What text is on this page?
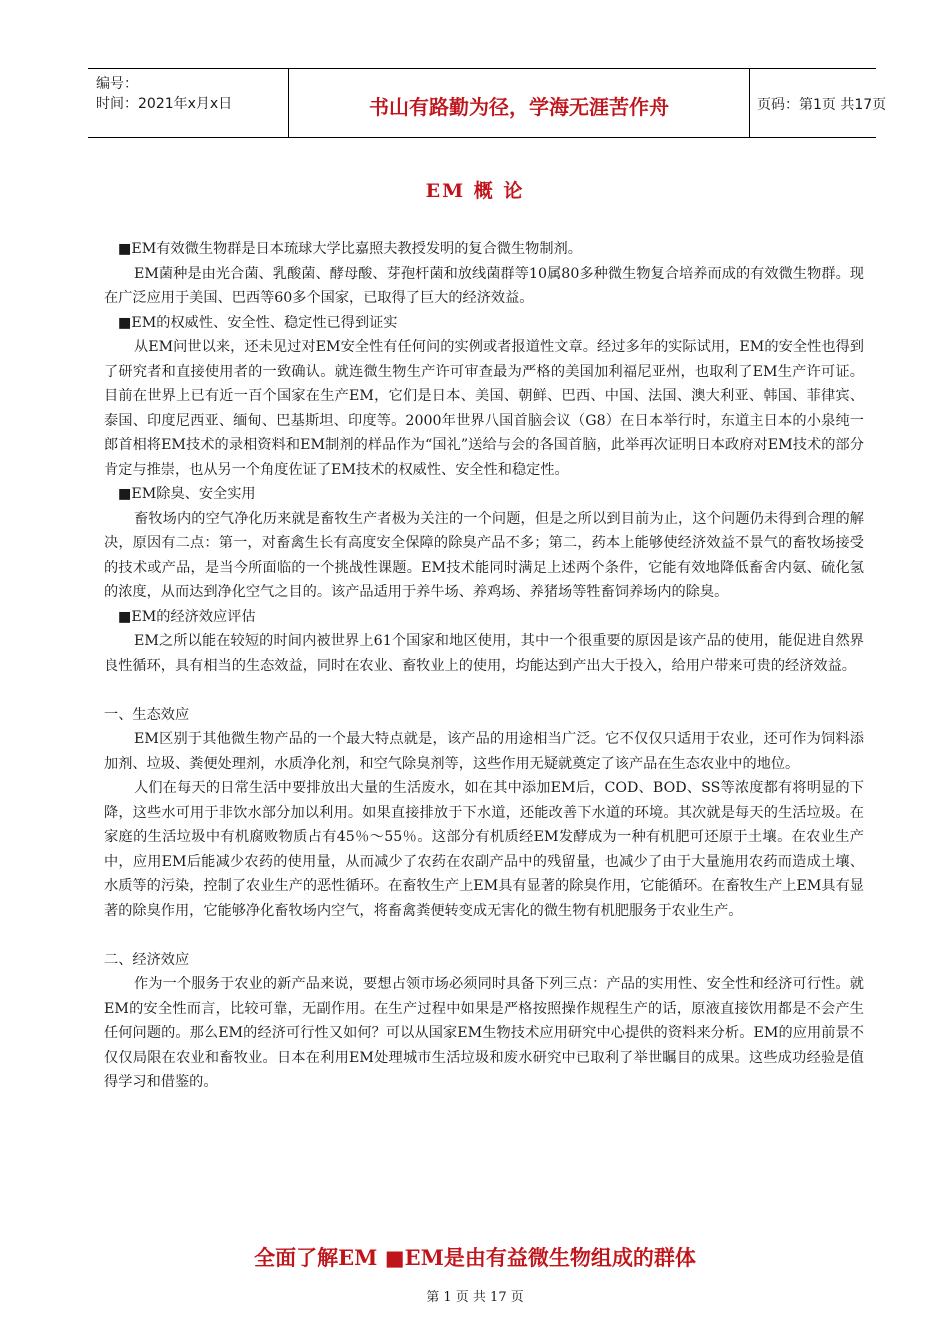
编号：
时间：2021年x月x日	书山有路勤为径，学海无涯苦作舟	页码：第1页 共17页
EM 概 论

■EM有效微生物群是日本琉球大学比嘉照夫教授发明的复合微生物制剂。

EM菌种是由光合菌、乳酸菌、酵母酸、芽孢杆菌和放线菌群等10属80多种微生物复合培养而成的有效微生物群。现在广泛应用于美国、巴西等60多个国家，已取得了巨大的经济效益。

■EM的权威性、安全性、稳定性已得到证实

从EM问世以来，还未见过对EM安全性有任何问的实例或者报道性文章。经过多年的实际试用，EM的安全性也得到了研究者和直接使用者的一致确认。就连微生物生产许可审查最为严格的美国加利福尼亚州，也取利了EM生产许可证。目前在世界上已有近一百个国家在生产EM，它们是日本、美国、朝鲜、巴西、中国、法国、澳大利亚、韩国、菲律宾、泰国、印度尼西亚、缅甸、巴基斯坦、印度等。2000年世界八国首脑会议（G8）在日本举行时，东道主日本的小泉纯一郎首相将EM技术的录相资料和EM制剂的样品作为“国礼”送给与会的各国首脑，此举再次证明日本政府对EM技术的部分肯定与推崇，也从另一个角度佐证了EM技术的权威性、安全性和稳定性。

■EM除臭、安全实用

畜牧场内的空气净化历来就是畜牧生产者极为关注的一个问题，但是之所以到目前为止，这个问题仍未得到合理的解决，原因有二点：第一，对畜禽生长有高度安全保障的除臭产品不多；第二，药本上能够使经济效益不景气的畜牧场接受的技术或产品，是当今所面临的一个挑战性课题。EM技术能同时满足上述两个条件，它能有效地降低畜舍内氨、硫化氢的浓度，从而达到净化空气之目的。该产品适用于养牛场、养鸡场、养猪场等牲畜饲养场内的除臭。

■EM的经济效应评估

EM之所以能在较短的时间内被世界上61个国家和地区使用，其中一个很重要的原因是该产品的使用，能促进自然界良性循环，具有相当的生态效益，同时在农业、畜牧业上的使用，均能达到产出大于投入，给用户带来可贵的经济效益。

一、生态效应

EM区别于其他微生物产品的一个最大特点就是，该产品的用途相当广泛。它不仅仅只适用于农业，还可作为饲料添加剂、垃圾、粪便处理剂，水质净化剂，和空气除臭剂等，这些作用无疑就奠定了该产品在生态农业中的地位。

人们在每天的日常生活中要排放出大量的生活废水，如在其中添加EM后，COD、BOD、SS等浓度都有将明显的下降，这些水可用于非饮水部分加以利用。如果直接排放于下水道，还能改善下水道的环境。其次就是每天的生活垃圾。在家庭的生活垃圾中有机腐败物质占有45％～55％。这部分有机质经EM发酵成为一种有机肥可还原于土壤。在农业生产中，应用EM后能减少农药的使用量，从而减少了农药在农副产品中的残留量，也减少了由于大量施用农药而造成土壤、水质等的污染，控制了农业生产的恶性循环。在畜牧生产上EM具有显著的除臭作用，它能循环。在畜牧生产上EM具有显著的除臭作用，它能够净化畜牧场内空气，将畜禽粪便转变成无害化的微生物有机肥服务于农业生产。

二、经济效应

作为一个服务于农业的新产品来说，要想占领市场必须同时具备下列三点：产品的实用性、安全性和经济可行性。就EM的安全性而言，比较可靠，无副作用。在生产过程中如果是严格按照操作规程生产的话，原液直接饮用都是不会产生任何问题的。那么EM的经济可行性又如何？可以从国家EM生物技术应用研究中心提供的资料来分析。EM的应用前景不仅仅局限在农业和畜牧业。日本在利用EM处理城市生活垃圾和废水研究中已取利了举世瞩目的成果。这些成功经验是值得学习和借鉴的。

全面了解EM ■EM是由有益微生物组成的群体
第 1 页 共 17 页
